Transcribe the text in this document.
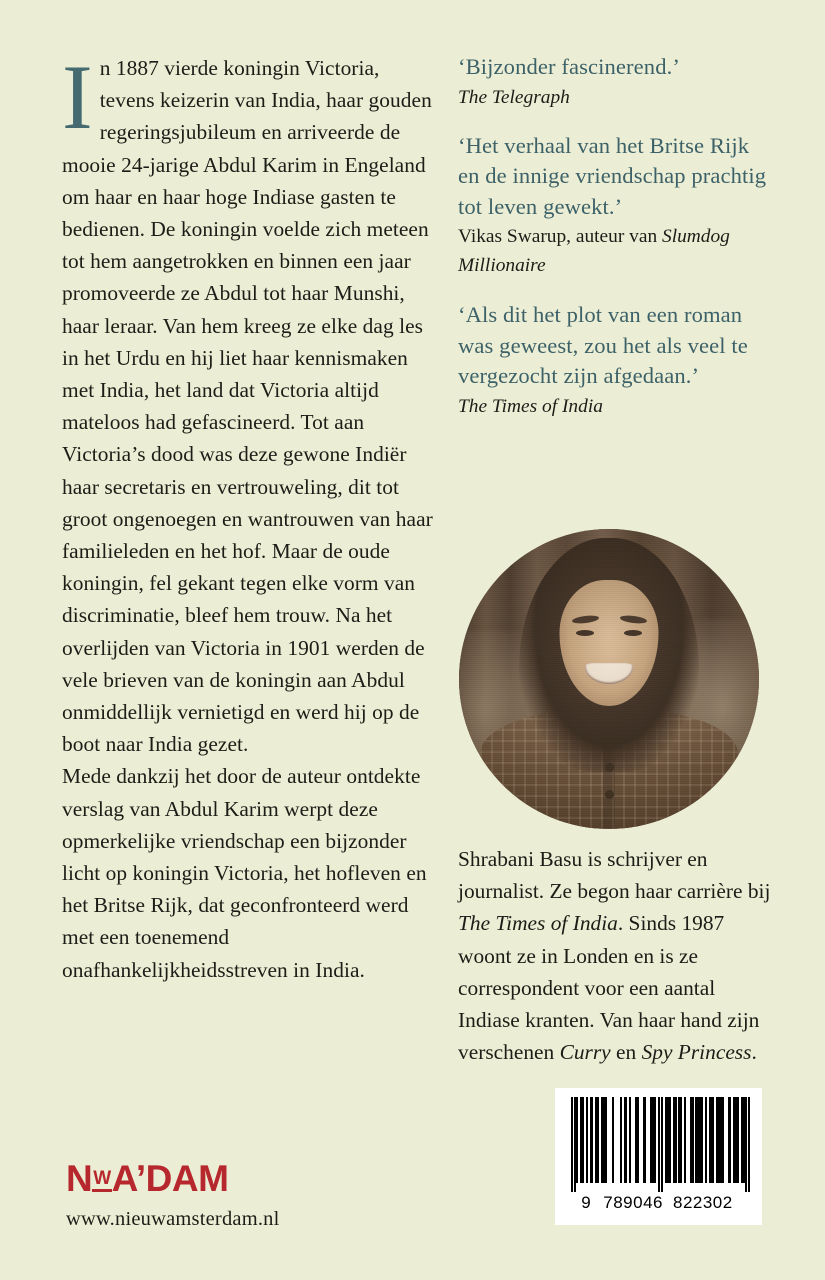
In 1887 vierde koningin Victoria, tevens keizerin van India, haar gouden regeringsjubileum en arriveerde de mooie 24-jarige Abdul Karim in Engeland om haar en haar hoge Indiase gasten te bedienen. De koningin voelde zich meteen tot hem aangetrokken en binnen een jaar promoveerde ze Abdul tot haar Munshi, haar leraar. Van hem kreeg ze elke dag les in het Urdu en hij liet haar kennismaken met India, het land dat Victoria altijd mateloos had gefascineerd. Tot aan Victoria’s dood was deze gewone Indiër haar secretaris en vertrouweling, dit tot groot ongenoegen en wantrouwen van haar familieleden en het hof. Maar de oude koningin, fel gekant tegen elke vorm van discriminatie, bleef hem trouw. Na het overlijden van Victoria in 1901 werden de vele brieven van de koningin aan Abdul onmiddellijk vernietigd en werd hij op de boot naar India gezet.

Mede dankzij het door de auteur ontdekte verslag van Abdul Karim werpt deze opmerkelijke vriendschap een bijzonder licht op koningin Victoria, het hofleven en het Britse Rijk, dat geconfronteerd werd met een toenemend onafhankelijkheidsstreven in India.

‘Bijzonder fascinerend.’

The Telegraph

‘Het verhaal van het Britse Rijk en de innige vriendschap prachtig tot leven gewekt.’

Vikas Swarup, auteur van Slumdog Millionaire

‘Als dit het plot van een roman was geweest, zou het als veel te vergezocht zijn afgedaan.’

The Times of India

Shrabani Basu is schrijver en journalist. Ze begon haar carrière bij The Times of India. Sinds 1987 woont ze in Londen en is ze correspondent voor een aantal Indiase kranten. Van haar hand zijn verschenen Curry en Spy Princess.

N W A’DAM
www.nieuwamsterdam.nl
9 789046 822302
